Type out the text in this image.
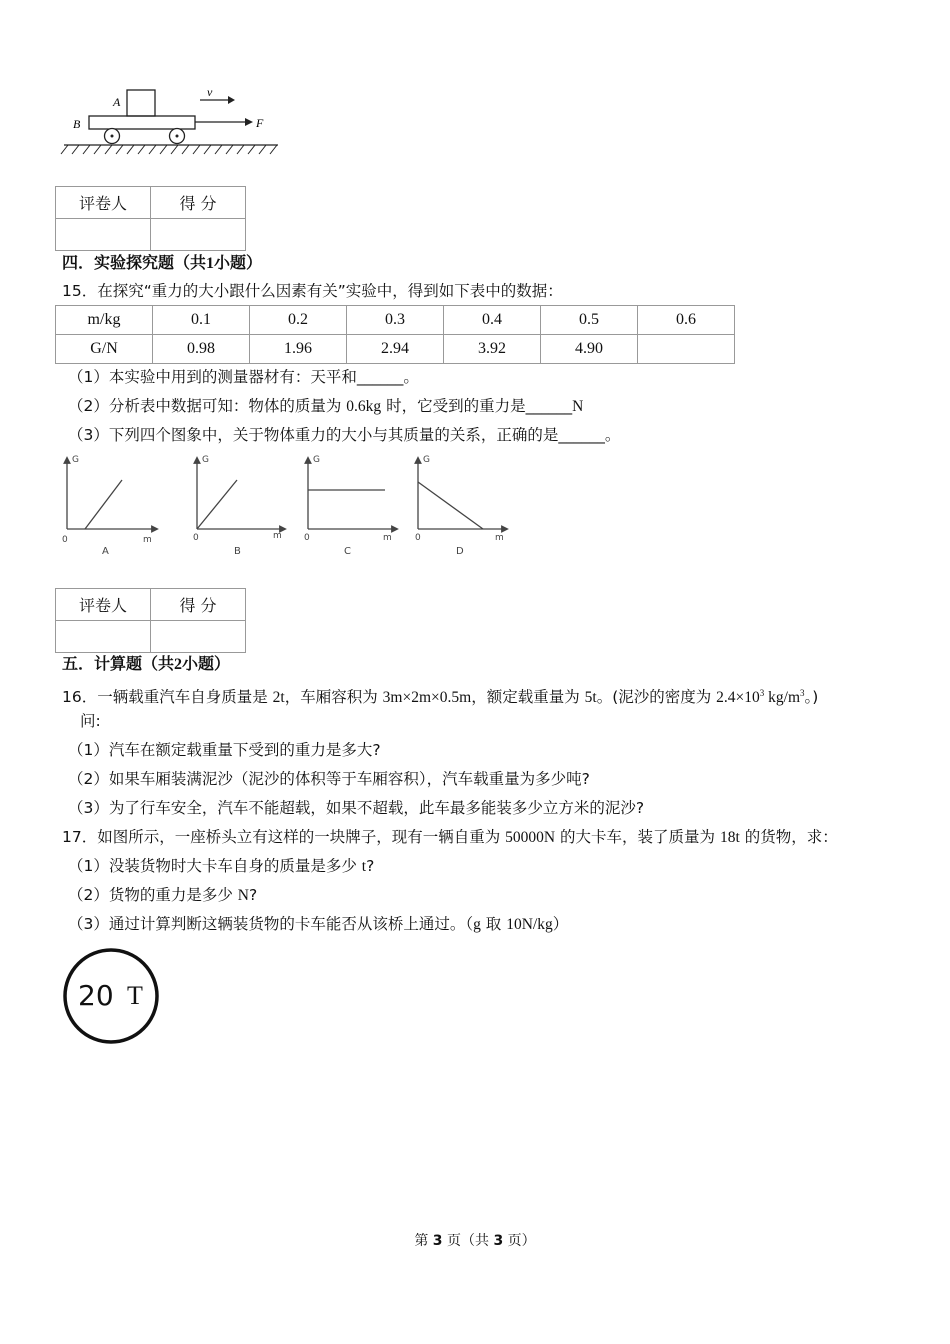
A
B
v
F
评卷人	得 分

四．实验探究题（共1小题）
15．在探究“重力的大小跟什么因素有关”实验中，得到如下表中的数据：
m/kg	0.1	0.2	0.3	0.4	0.5	0.6
G/N	0.98	1.96	2.94	3.92	4.90	
（1）本实验中用到的测量器材有：天平和______。
（2）分析表中数据可知：物体的质量为 0.6kg 时，它受到的重力是______N
（3）下列四个图象中，关于物体重力的大小与其质量的关系，正确的是______。
G
m
0
A
G
m
0
B
G
m
0
C
G
m
0
D
评卷人	得 分

五．计算题（共2小题）
16．一辆载重汽车自身质量是 2t，车厢容积为 3m×2m×0.5m，额定载重量为 5t。(泥沙的密度为 $2.4\times 10^3$ $kg/m^3$。)
问:
（1）汽车在额定载重量下受到的重力是多大?
（2）如果车厢装满泥沙（泥沙的体积等于车厢容积），汽车载重量为多少吨?
（3）为了行车安全，汽车不能超载，如果不超载，此车最多能装多少立方米的泥沙?
17．如图所示，一座桥头立有这样的一块牌子，现有一辆自重为 50000N 的大卡车，装了质量为 18t 的货物，求：
（1）没装货物时大卡车自身的质量是多少 t?
（2）货物的重力是多少 N?
（3）通过计算判断这辆装货物的卡车能否从该桥上通过。（g 取 10N/kg）
20 T
第 3 页（共 3 页）
